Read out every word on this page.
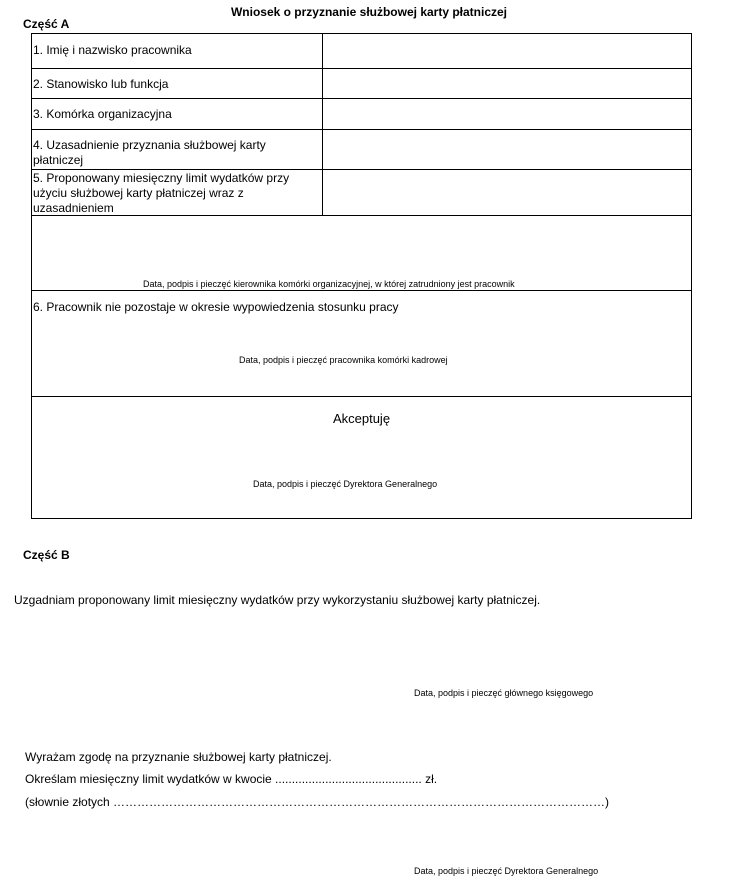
Wniosek o przyznanie służbowej karty płatniczej
Część A
1. Imię i nazwisko pracownika
2. Stanowisko lub funkcja
3. Komórka organizacyjna
4. Uzasadnienie przyznania służbowej karty
płatniczej
5. Proponowany miesięczny limit wydatków przy
użyciu służbowej karty płatniczej wraz z
uzasadnieniem
Data, podpis i pieczęć kierownika komórki organizacyjnej, w której zatrudniony jest pracownik
6. Pracownik nie pozostaje w okresie wypowiedzenia stosunku pracy
Data, podpis i pieczęć pracownika komórki kadrowej
Akceptuję
Data, podpis i pieczęć Dyrektora Generalnego
Część B
Uzgadniam proponowany limit miesięczny wydatków przy wykorzystaniu służbowej karty płatniczej.
Data, podpis i pieczęć głównego księgowego
Wyrażam zgodę na przyznanie służbowej karty płatniczej.
Określam miesięczny limit wydatków w kwocie ............................................ zł.
(słownie złotych ……………………………………………………………………………………………………………)
Data, podpis i pieczęć Dyrektora Generalnego
